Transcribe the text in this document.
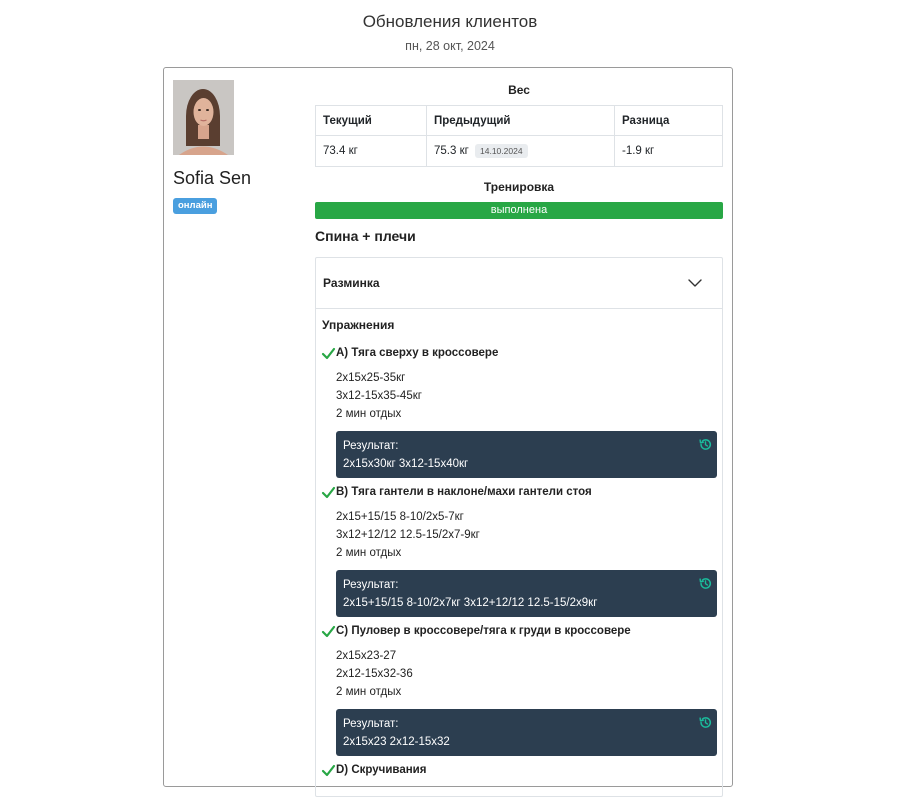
Обновления клиентов
пн, 28 окт, 2024
Sofia Sen
онлайн
Вес
Текущий	Предыдущий	Разница
73.4 кг	75.3 кг 14.10.2024	-1.9 кг
Тренировка
выполнена
Спина + плечи
Разминка
Упражнения
A) Тяга сверху в кроссовере
2x15x25-35кг
3x12-15x35-45кг
2 мин отдых
Результат:
2x15x30кг 3x12-15x40кг
B) Тяга гантели в наклоне/махи гантели стоя
2x15+15/15 8-10/2x5-7кг
3x12+12/12 12.5-15/2x7-9кг
2 мин отдых
Результат:
2x15+15/15 8-10/2x7кг 3x12+12/12 12.5-15/2x9кг
C) Пуловер в кроссовере/тяга к груди в кроссовере
2x15x23-27
2x12-15x32-36
2 мин отдых
Результат:
2x15x23 2x12-15x32
D) Скручивания
